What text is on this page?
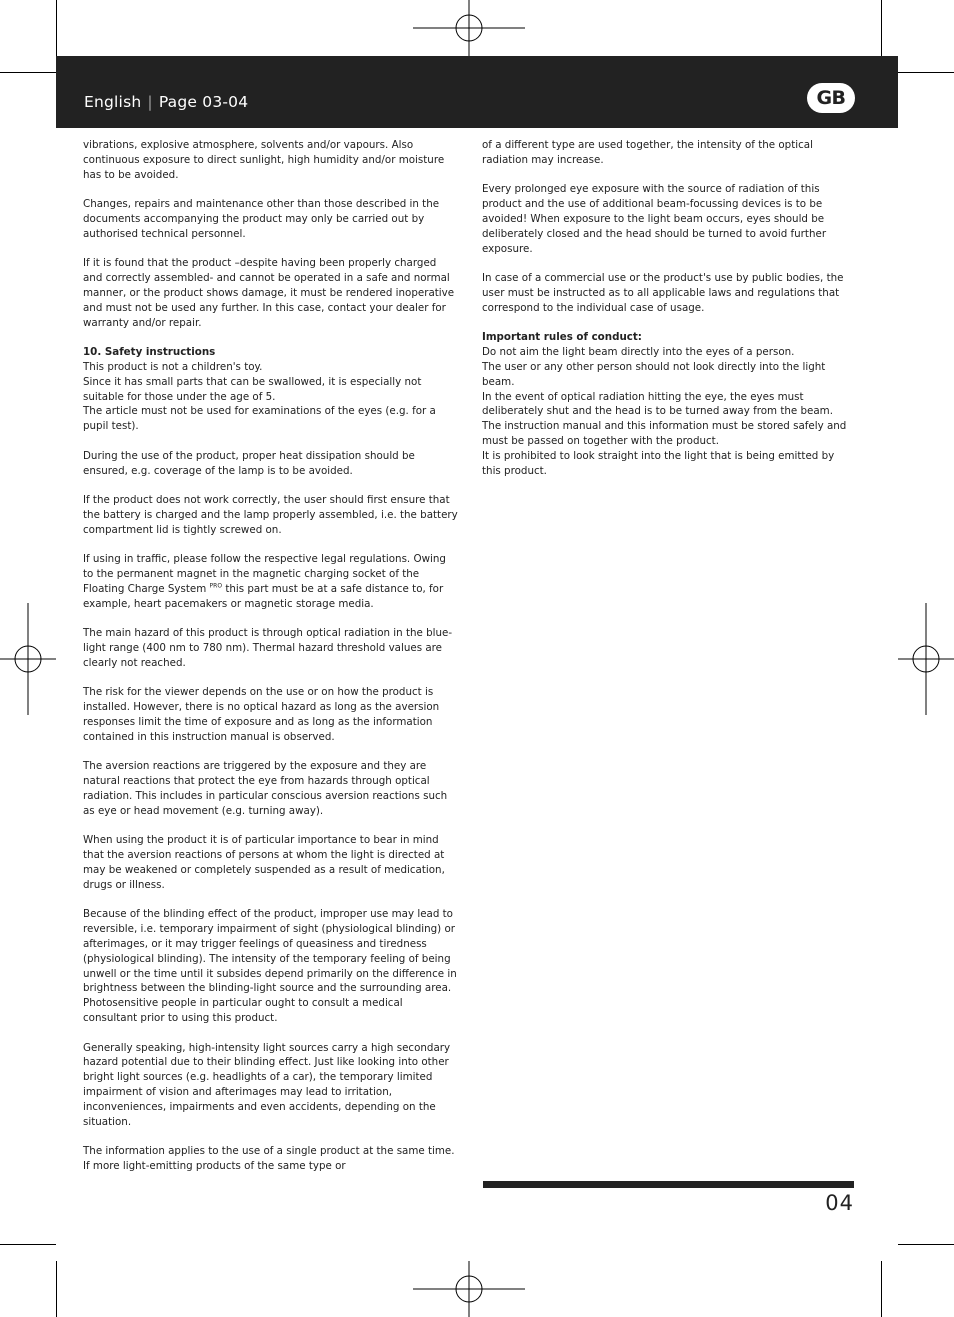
English | Page 03-04	GB

vibrations, explosive atmosphere, solvents and/or vapours. Also continuous exposure to direct sunlight, high humidity and/or moisture has to be avoided.

Changes, repairs and maintenance other than those described in the documents accompanying the product may only be carried out by authorised technical personnel.

If it is found that the product –despite having been properly charged and correctly assembled- and cannot be operated in a safe and normal manner, or the product shows damage, it must be rendered inoperative and must not be used any further. In this case, contact your dealer for warranty and/or repair.

10. Safety instructions
This product is not a children's toy.
Since it has small parts that can be swallowed, it is especially not suitable for those under the age of 5.
The article must not be used for examinations of the eyes (e.g. for a pupil test).

During the use of the product, proper heat dissipation should be ensured, e.g. coverage of the lamp is to be avoided.

If the product does not work correctly, the user should first ensure that the battery is charged and the lamp properly assembled, i.e. the battery compartment lid is tightly screwed on.

If using in traffic, please follow the respective legal regulations. Owing to the permanent magnet in the magnetic charging socket of the Floating Charge System $^{PRO}$ this part must be at a safe distance to, for example, heart pacemakers or magnetic storage media.

The main hazard of this product is through optical radiation in the blue-light range (400 nm to 780 nm). Thermal hazard threshold values are clearly not reached.

The risk for the viewer depends on the use or on how the product is installed. However, there is no optical hazard as long as the aversion responses limit the time of exposure and as long as the information contained in this instruction manual is observed.

The aversion reactions are triggered by the exposure and they are natural reactions that protect the eye from hazards through optical radiation. This includes in particular conscious aversion reactions such as eye or head movement (e.g. turning away).

When using the product it is of particular importance to bear in mind that the aversion reactions of persons at whom the light is directed at may be weakened or completely suspended as a result of medication, drugs or illness.

Because of the blinding effect of the product, improper use may lead to reversible, i.e. temporary impairment of sight (physiological blinding) or afterimages, or it may trigger feelings of queasiness and tiredness (physiological blinding). The intensity of the temporary feeling of being unwell or the time until it subsides depend primarily on the difference in brightness between the blinding-light source and the surrounding area. Photosensitive people in particular ought to consult a medical consultant prior to using this product.

Generally speaking, high-intensity light sources carry a high secondary hazard potential due to their blinding effect. Just like looking into other bright light sources (e.g. headlights of a car), the temporary limited impairment of vision and afterimages may lead to irritation, inconveniences, impairments and even accidents, depending on the situation.

The information applies to the use of a single product at the same time. If more light-emitting products of the same type or

of a different type are used together, the intensity of the optical radiation may increase.

Every prolonged eye exposure with the source of radiation of this product and the use of additional beam-focussing devices is to be avoided! When exposure to the light beam occurs, eyes should be deliberately closed and the head should be turned to avoid further exposure.

In case of a commercial use or the product's use by public bodies, the user must be instructed as to all applicable laws and regulations that correspond to the individual case of usage.

Important rules of conduct:
Do not aim the light beam directly into the eyes of a person.
The user or any other person should not look directly into the light beam.
In the event of optical radiation hitting the eye, the eyes must deliberately shut and the head is to be turned away from the beam.
The instruction manual and this information must be stored safely and must be passed on together with the product.
It is prohibited to look straight into the light that is being emitted by this product.

04
